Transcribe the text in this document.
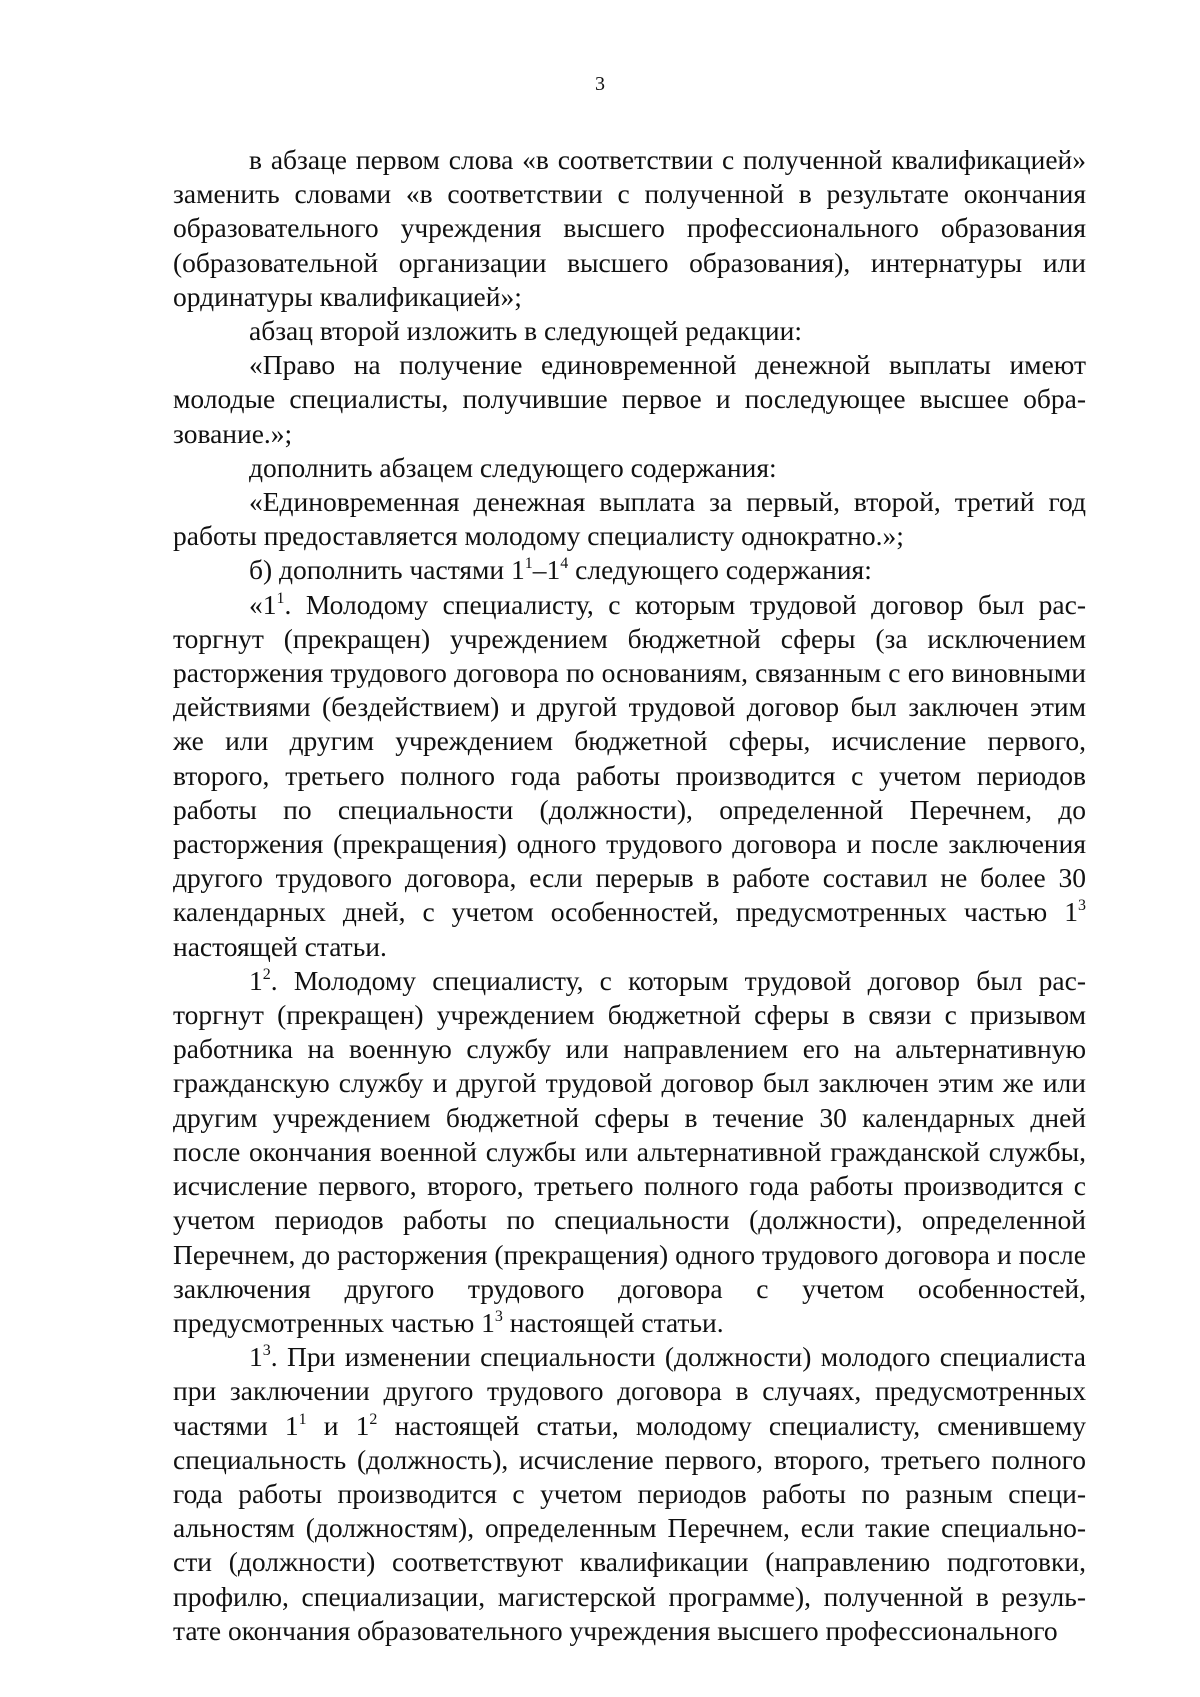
3

в абзаце первом слова «в соответствии с полученной квалификацией» заменить словами «в соответствии с полученной в результате окончания образовательного учреждения высшего профессионального образования (образовательной организации высшего образования), интернатуры или ординатуры квалификацией»;

абзац второй изложить в следующей редакции:

«Право на получение единовременной денежной выплаты имеют молодые специалисты, получившие первое и последующее высшее образование.»;

дополнить абзацем следующего содержания:

«Единовременная денежная выплата за первый, второй, третий год работы предоставляется молодому специалисту однократно.»;

б) дополнить частями $1^1-1^4$ следующего содержания:

«$1^1$. Молодому специалисту, с которым трудовой договор был расторгнут (прекращен) учреждением бюджетной сферы (за исключением расторжения трудового договора по основаниям, связанным с его виновными действиями (бездействием) и другой трудовой договор был заключен этим же или другим учреждением бюджетной сферы, исчисление первого, второго, третьего полного года работы производится с учетом периодов работы по специальности (должности), определенной Перечнем, до расторжения (прекращения) одного трудового договора и после заключения другого трудового договора, если перерыв в работе составил не более 30 календарных дней, с учетом особенностей, предусмотренных частью $1^3$ настоящей статьи.

$1^2$. Молодому специалисту, с которым трудовой договор был расторгнут (прекращен) учреждением бюджетной сферы в связи с призывом работника на военную службу или направлением его на альтернативную гражданскую службу и другой трудовой договор был заключен этим же или другим учреждением бюджетной сферы в течение 30 календарных дней после окончания военной службы или альтернативной гражданской службы, исчисление первого, второго, третьего полного года работы производится с учетом периодов работы по специальности (должности), определенной Перечнем, до расторжения (прекращения) одного трудового договора и после заключения другого трудового договора с учетом особенностей, предусмотренных частью $1^3$ настоящей статьи.

$1^3$. При изменении специальности (должности) молодого специалиста при заключении другого трудового договора в случаях, предусмотренных частями $1^1$ и $1^2$ настоящей статьи, молодому специалисту, сменившему специальность (должность), исчисление первого, второго, третьего полного года работы производится с учетом периодов работы по разным специальностям (должностям), определенным Перечнем, если такие специальности (должности) соответствуют квалификации (направлению подготовки, профилю, специализации, магистерской программе), полученной в результате окончания образовательного учреждения высшего профессионального
